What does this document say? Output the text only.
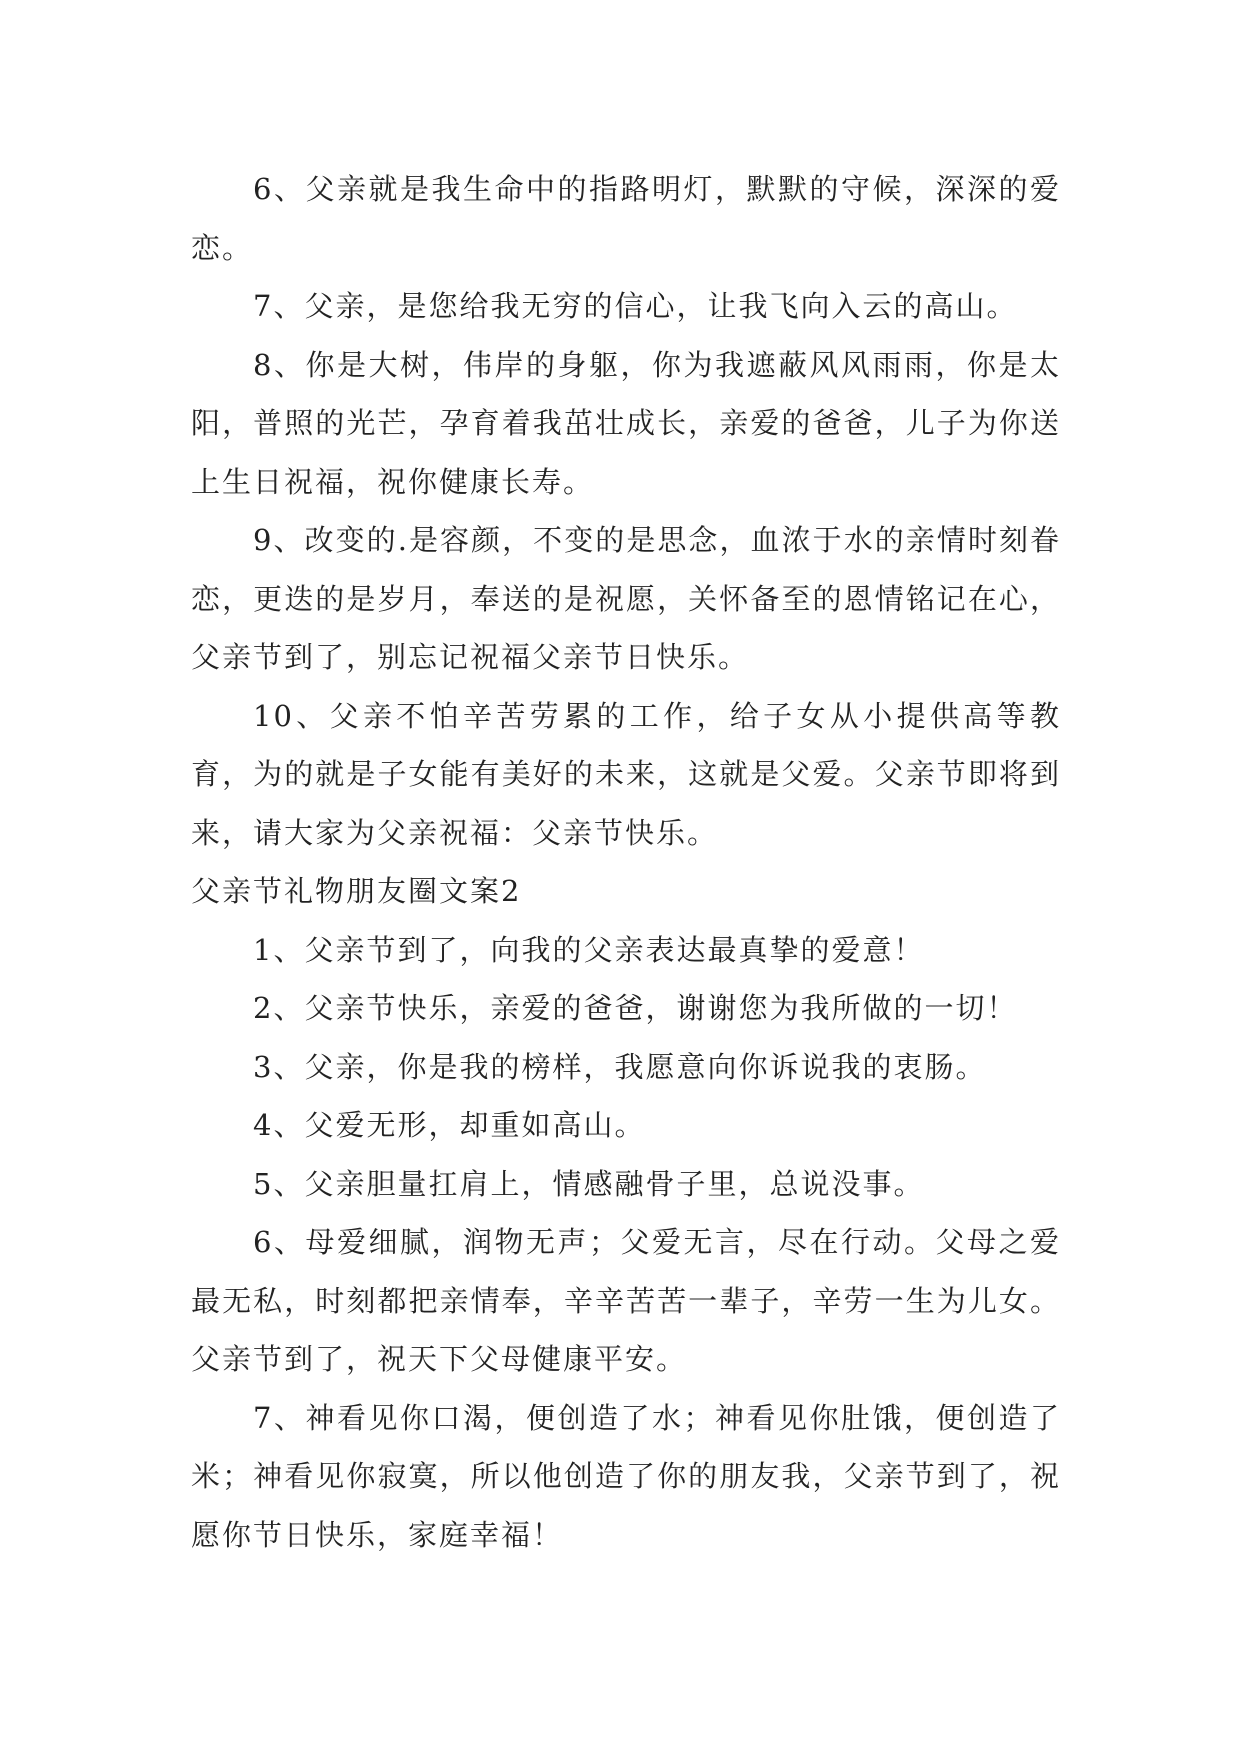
6、父亲就是我生命中的指路明灯，默默的守候，深深的爱恋。

7、父亲，是您给我无穷的信心，让我飞向入云的高山。

8、你是大树，伟岸的身躯，你为我遮蔽风风雨雨，你是太阳，普照的光芒，孕育着我茁壮成长，亲爱的爸爸，儿子为你送上生日祝福，祝你健康长寿。

9、改变的.是容颜，不变的是思念，血浓于水的亲情时刻眷恋，更迭的是岁月，奉送的是祝愿，关怀备至的恩情铭记在心，父亲节到了，别忘记祝福父亲节日快乐。

10、父亲不怕辛苦劳累的工作，给子女从小提供高等教育，为的就是子女能有美好的未来，这就是父爱。父亲节即将到来，请大家为父亲祝福：父亲节快乐。

父亲节礼物朋友圈文案2

1、父亲节到了，向我的父亲表达最真挚的爱意！

2、父亲节快乐，亲爱的爸爸，谢谢您为我所做的一切！

3、父亲，你是我的榜样，我愿意向你诉说我的衷肠。

4、父爱无形，却重如高山。

5、父亲胆量扛肩上，情感融骨子里，总说没事。

6、母爱细腻，润物无声；父爱无言，尽在行动。父母之爱最无私，时刻都把亲情奉，辛辛苦苦一辈子，辛劳一生为儿女。父亲节到了，祝天下父母健康平安。

7、神看见你口渴，便创造了水；神看见你肚饿，便创造了米；神看见你寂寞，所以他创造了你的朋友我，父亲节到了，祝愿你节日快乐，家庭幸福！
